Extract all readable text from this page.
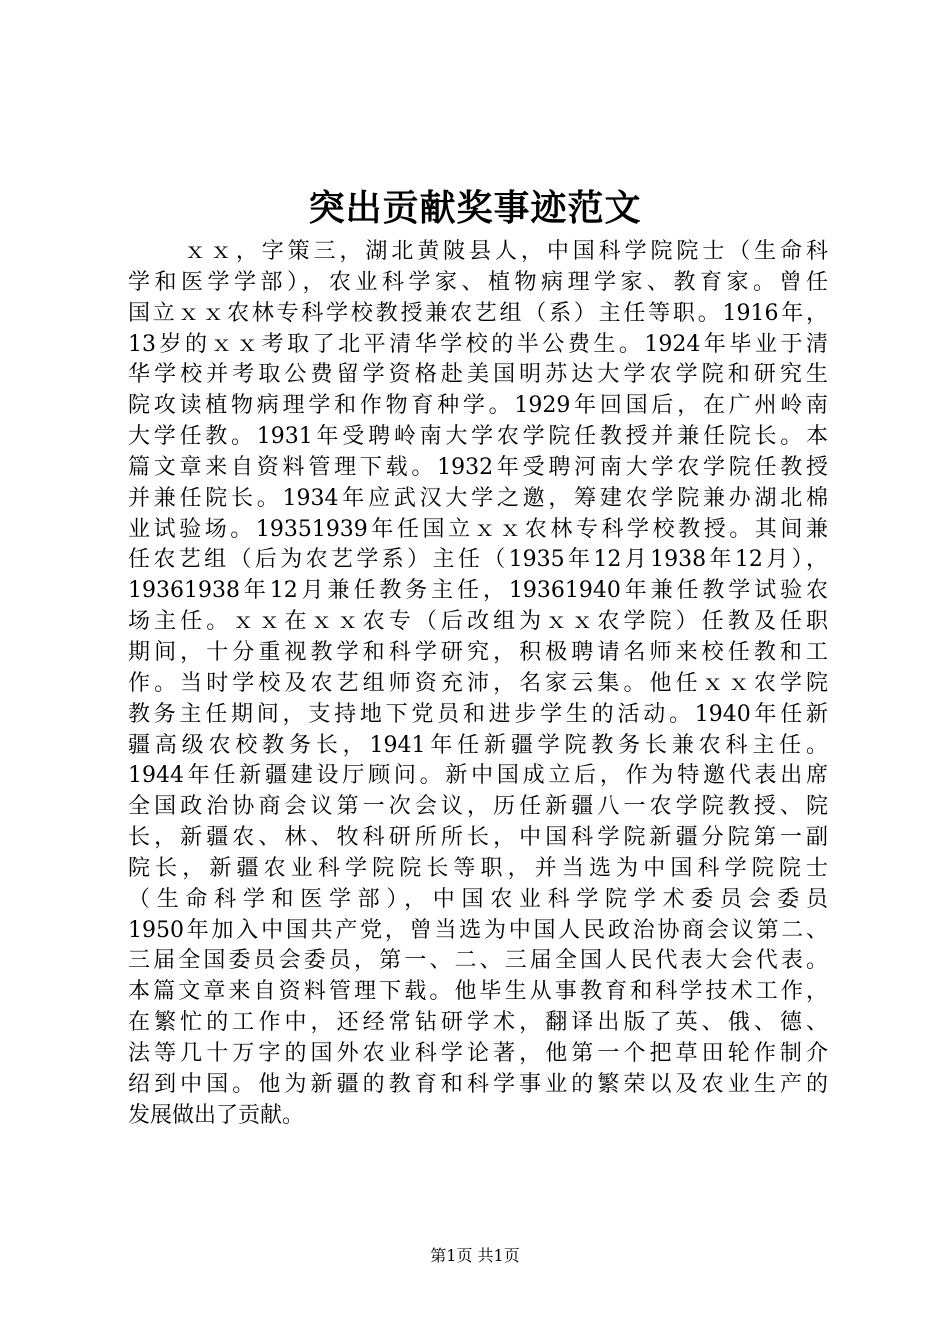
突出贡献奖事迹范文
ｘｘ，字策三，湖北黄陂县人，中国科学院院士（生命科
学和医学学部），农业科学家、植物病理学家、教育家。曾任
国立ｘｘ农林专科学校教授兼农艺组（系）主任等职。1916年，
13岁的ｘｘ考取了北平清华学校的半公费生。1924年毕业于清
华学校并考取公费留学资格赴美国明苏达大学农学院和研究生
院攻读植物病理学和作物育种学。1929年回国后，在广州岭南
大学任教。1931年受聘岭南大学农学院任教授并兼任院长。本
篇文章来自资料管理下载。1932年受聘河南大学农学院任教授
并兼任院长。1934年应武汉大学之邀，筹建农学院兼办湖北棉
业试验场。19351939年任国立ｘｘ农林专科学校教授。其间兼
任农艺组（后为农艺学系）主任（1935年12月1938年12月），
19361938年12月兼任教务主任，19361940年兼任教学试验农
场主任。ｘｘ在ｘｘ农专（后改组为ｘｘ农学院）任教及任职
期间，十分重视教学和科学研究，积极聘请名师来校任教和工
作。当时学校及农艺组师资充沛，名家云集。他任ｘｘ农学院
教务主任期间，支持地下党员和进步学生的活动。1940年任新
疆高级农校教务长，1941年任新疆学院教务长兼农科主任。
1944年任新疆建设厅顾问。新中国成立后，作为特邀代表出席
全国政治协商会议第一次会议，历任新疆八一农学院教授、院
长，新疆农、林、牧科研所所长，中国科学院新疆分院第一副
院长，新疆农业科学院院长等职，并当选为中国科学院院士
（生命科学和医学部），中国农业科学院学术委员会委员
1950年加入中国共产党，曾当选为中国人民政治协商会议第二、
三届全国委员会委员，第一、二、三届全国人民代表大会代表。
本篇文章来自资料管理下载。他毕生从事教育和科学技术工作，
在繁忙的工作中，还经常钻研学术，翻译出版了英、俄、德、
法等几十万字的国外农业科学论著，他第一个把草田轮作制介
绍到中国。他为新疆的教育和科学事业的繁荣以及农业生产的
发展做出了贡献。
第1页 共1页
